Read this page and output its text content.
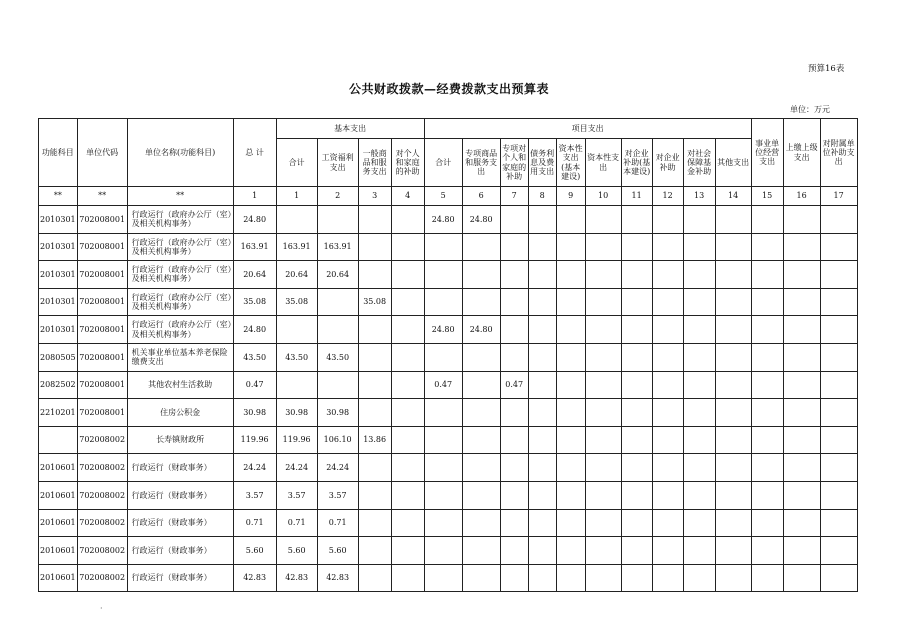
预算16表
公共财政拨款—经费拨款支出预算表
单位：万元
功能科目	单位代码	单位名称(功能科目)	总 计	基本支出				项目支出										事业单位经营支出	上缴上级支出	对附属单位补助支出
				合计	工资福利支出	一般商品和服务支出	对个人和家庭的补助	合计	专项商品和服务支出	专项对个人和家庭的补助	债务利息及费用支出	资本性支出(基本建设)	资本性支出	对企业补助(基本建设)	对企业补助	对社会保障基金补助	其他支出			
**	**	**	1	1	2	3	4	5	6	7	8	9	10	11	12	13	14	15	16	17
2010301	702008001	行政运行（政府办公厅（室）及相关机构事务）	24.80					24.80	24.80											
2010301	702008001	行政运行（政府办公厅（室）及相关机构事务）	163.91	163.91	163.91															
2010301	702008001	行政运行（政府办公厅（室）及相关机构事务）	20.64	20.64	20.64															
2010301	702008001	行政运行（政府办公厅（室）及相关机构事务）	35.08	35.08		35.08														
2010301	702008001	行政运行（政府办公厅（室）及相关机构事务）	24.80					24.80	24.80											
2080505	702008001	机关事业单位基本养老保险缴费支出	43.50	43.50	43.50															
2082502	702008001	其他农村生活救助	0.47					0.47		0.47										
2210201	702008001	住房公积金	30.98	30.98	30.98															
	702008002	长寿镇财政所	119.96	119.96	106.10	13.86														
2010601	702008002	行政运行（财政事务）	24.24	24.24	24.24															
2010601	702008002	行政运行（财政事务）	3.57	3.57	3.57															
2010601	702008002	行政运行（财政事务）	0.71	0.71	0.71															
2010601	702008002	行政运行（财政事务）	5.60	5.60	5.60															
2010601	702008002	行政运行（财政事务）	42.83	42.83	42.83															
·
